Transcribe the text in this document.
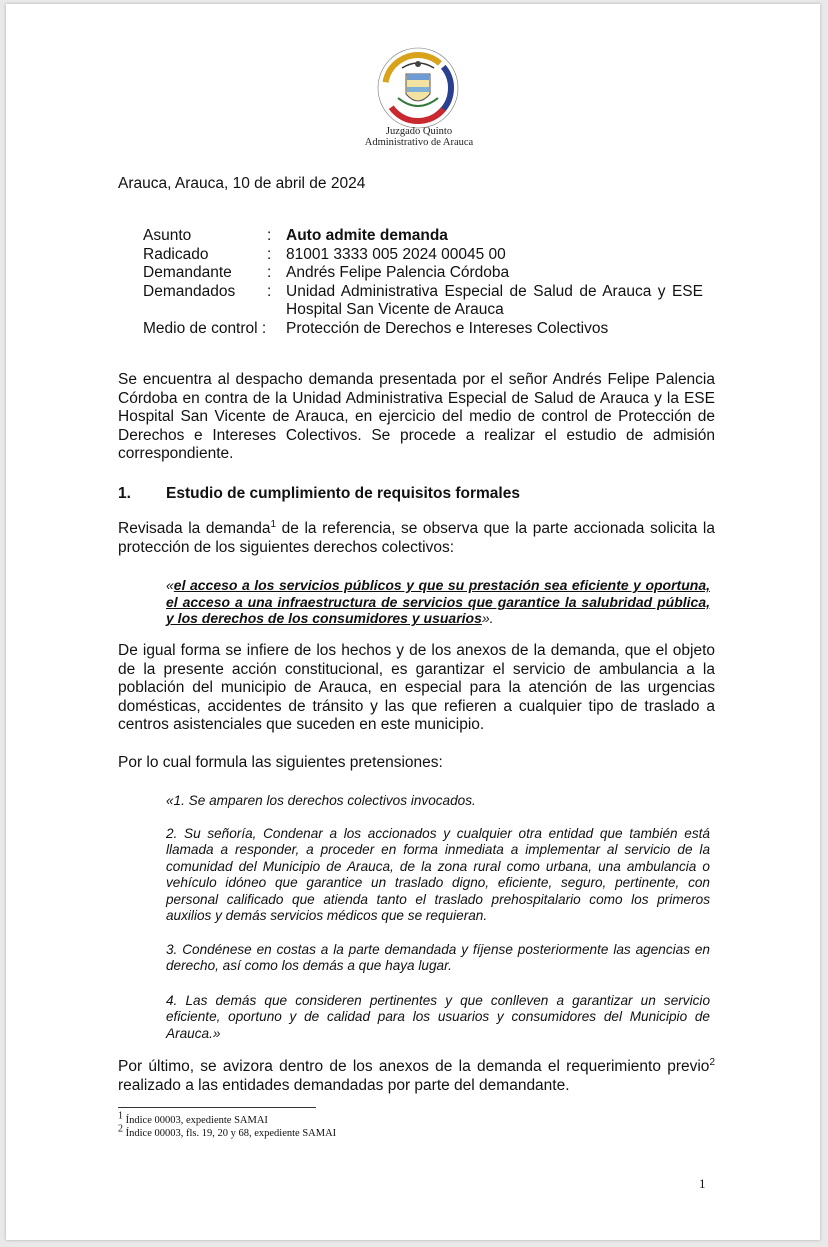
Juzgado Quinto
Administrativo de Arauca
Arauca, Arauca, 10 de abril de 2024
Asunto	: Auto admite demanda
Radicado	: 81001 3333 005 2024 00045 00
Demandante : Andrés Felipe Palencia Córdoba
Demandados : Unidad Administrativa Especial de Salud de Arauca y ESE Hospital San Vicente de Arauca
Medio de control : Protección de Derechos e Intereses Colectivos
Se encuentra al despacho demanda presentada por el señor Andrés Felipe Palencia Córdoba en contra de la Unidad Administrativa Especial de Salud de Arauca y la ESE Hospital San Vicente de Arauca, en ejercicio del medio de control de Protección de Derechos e Intereses Colectivos. Se procede a realizar el estudio de admisión correspondiente.
1. Estudio de cumplimiento de requisitos formales
Revisada la demanda$^1$ de la referencia, se observa que la parte accionada solicita la protección de los siguientes derechos colectivos:
«el acceso a los servicios públicos y que su prestación sea eficiente y oportuna, el acceso a una infraestructura de servicios que garantice la salubridad pública, y los derechos de los consumidores y usuarios».
De igual forma se infiere de los hechos y de los anexos de la demanda, que el objeto de la presente acción constitucional, es garantizar el servicio de ambulancia a la población del municipio de Arauca, en especial para la atención de las urgencias domésticas, accidentes de tránsito y las que refieren a cualquier tipo de traslado a centros asistenciales que suceden en este municipio.
Por lo cual formula las siguientes pretensiones:
«1. Se amparen los derechos colectivos invocados.
2. Su señoría, Condenar a los accionados y cualquier otra entidad que también está llamada a responder, a proceder en forma inmediata a implementar al servicio de la comunidad del Municipio de Arauca, de la zona rural como urbana, una ambulancia o vehículo idóneo que garantice un traslado digno, eficiente, seguro, pertinente, con personal calificado que atienda tanto el traslado prehospitalario como los primeros auxilios y demás servicios médicos que se requieran.
3. Condénese en costas a la parte demandada y fíjense posteriormente las agencias en derecho, así como los demás a que haya lugar.
4. Las demás que consideren pertinentes y que conlleven a garantizar un servicio eficiente, oportuno y de calidad para los usuarios y consumidores del Municipio de Arauca.»
Por último, se avizora dentro de los anexos de la demanda el requerimiento previo$^2$ realizado a las entidades demandadas por parte del demandante.
$^1$ Índice 00003, expediente SAMAI
$^2$ Índice 00003, fls. 19, 20 y 68, expediente SAMAI
1
